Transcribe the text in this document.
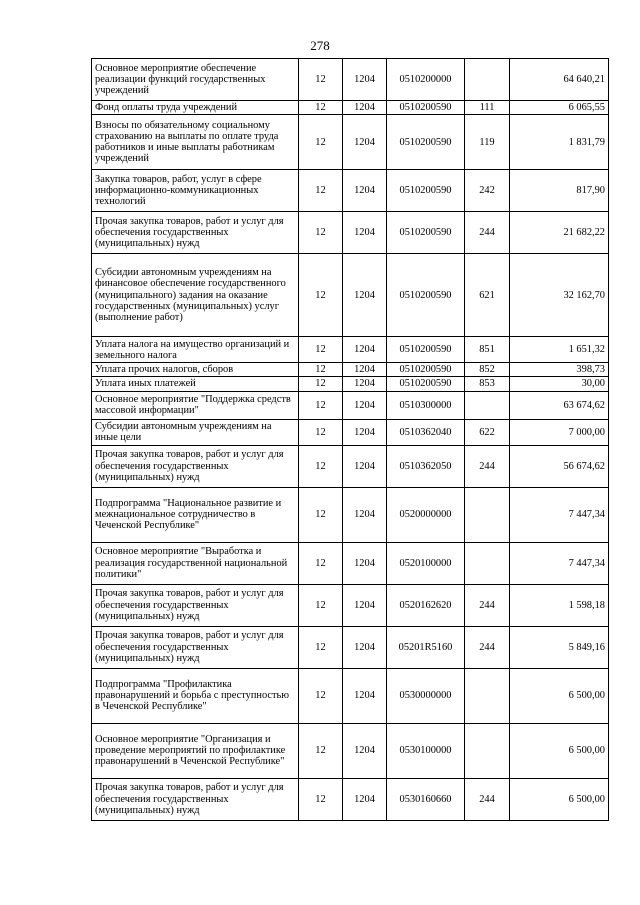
278
Основное мероприятие обеспечение реализации функций государственных учреждений	12	1204	0510200000		64 640,21
Фонд оплаты труда учреждений	12	1204	0510200590	111	6 065,55
Взносы по обязательному социальному страхованию на выплаты по оплате труда работников и иные выплаты работникам учреждений	12	1204	0510200590	119	1 831,79
Закупка товаров, работ, услуг в сфере информационно-коммуникационных технологий	12	1204	0510200590	242	817,90
Прочая закупка товаров, работ и услуг для обеспечения государственных (муниципальных) нужд	12	1204	0510200590	244	21 682,22
Субсидии автономным учреждениям на финансовое обеспечение государственного (муниципального) задания на оказание государственных (муниципальных) услуг (выполнение работ)	12	1204	0510200590	621	32 162,70
Уплата налога на имущество организаций и земельного налога	12	1204	0510200590	851	1 651,32
Уплата прочих налогов, сборов	12	1204	0510200590	852	398,73
Уплата иных платежей	12	1204	0510200590	853	30,00
Основное мероприятие "Поддержка средств массовой информации"	12	1204	0510300000		63 674,62
Субсидии автономным учреждениям на иные цели	12	1204	0510362040	622	7 000,00
Прочая закупка товаров, работ и услуг для обеспечения государственных (муниципальных) нужд	12	1204	0510362050	244	56 674,62
Подпрограмма "Национальное развитие и межнациональное сотрудничество в Чеченской Республике"	12	1204	0520000000		7 447,34
Основное мероприятие "Выработка и реализация государственной национальной политики"	12	1204	0520100000		7 447,34
Прочая закупка товаров, работ и услуг для обеспечения государственных (муниципальных) нужд	12	1204	0520162620	244	1 598,18
Прочая закупка товаров, работ и услуг для обеспечения государственных (муниципальных) нужд	12	1204	05201R5160	244	5 849,16
Подпрограмма "Профилактика правонарушений и борьба с преступностью в Чеченской Республике"	12	1204	0530000000		6 500,00
Основное мероприятие "Организация и проведение мероприятий по профилактике правонарушений в Чеченской Республике"	12	1204	0530100000		6 500,00
Прочая закупка товаров, работ и услуг для обеспечения государственных (муниципальных) нужд	12	1204	0530160660	244	6 500,00
